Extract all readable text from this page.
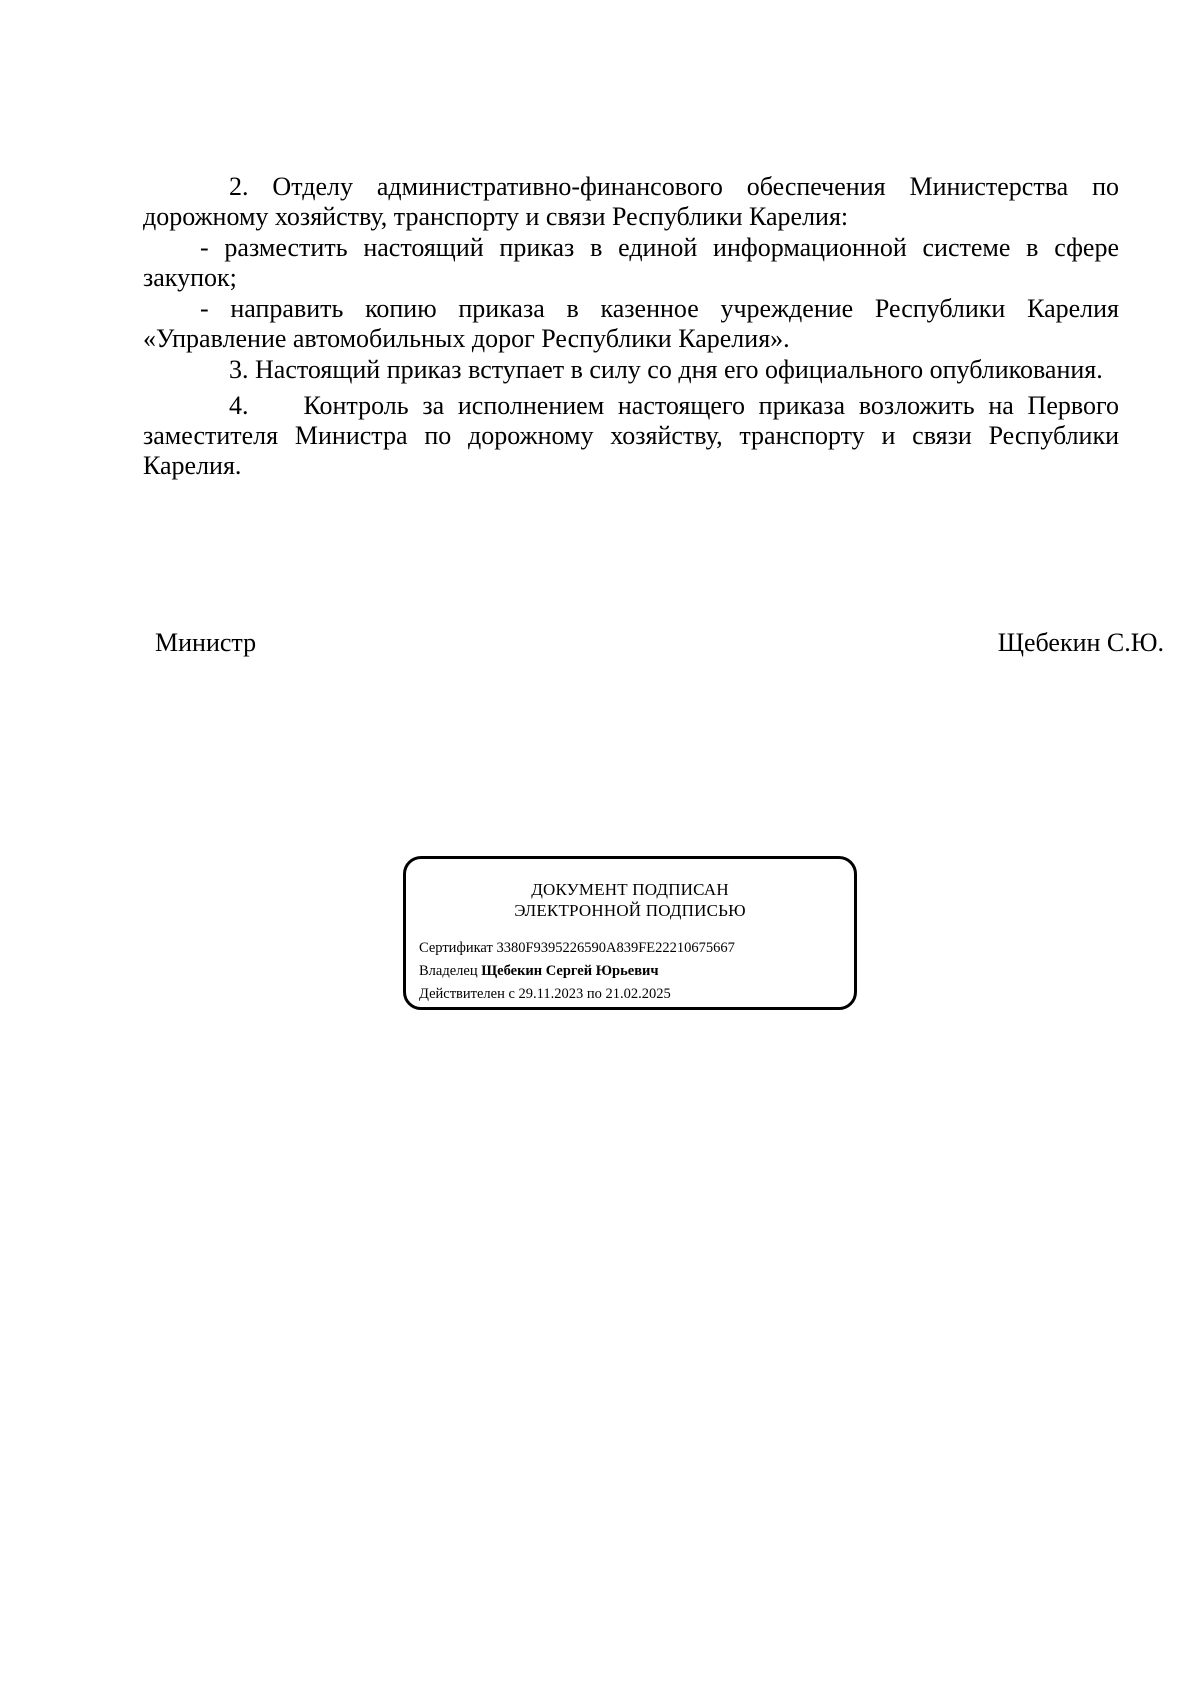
2. Отделу административно-финансового обеспечения Министерства по дорожному хозяйству, транспорту и связи Республики Карелия:

- разместить настоящий приказ в единой информационной системе в сфере закупок;

- направить копию приказа в казенное учреждение Республики Карелия «Управление автомобильных дорог Республики Карелия».

3. Настоящий приказ вступает в силу со дня его официального опубликования.

4.    Контроль за исполнением настоящего приказа возложить на Первого заместителя Министра по дорожному хозяйству, транспорту и связи Республики Карелия.

Министр	Щебекин С.Ю.
ДОКУМЕНТ ПОДПИСАН
ЭЛЕКТРОННОЙ ПОДПИСЬЮ
Сертификат 3380F9395226590A839FE22210675667
Владелец Щебекин Сергей Юрьевич
Действителен с 29.11.2023 по 21.02.2025
